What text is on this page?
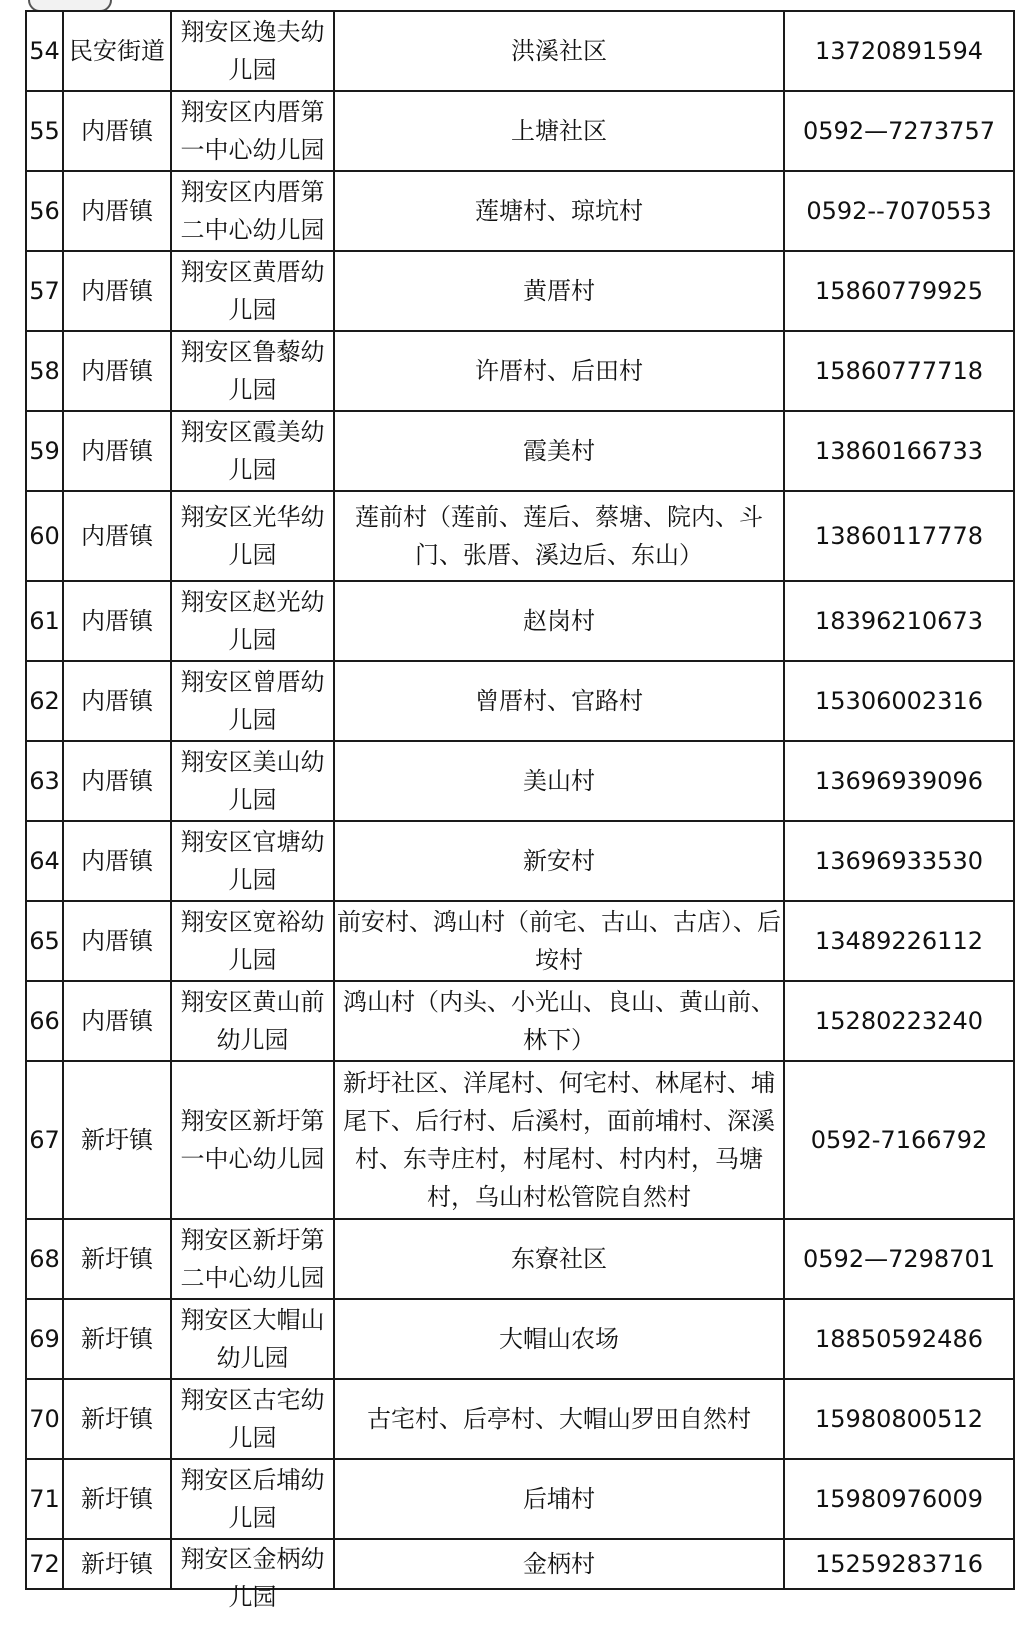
54	民安街道	翔安区逸夫幼儿园	洪溪社区	13720891594
55	内厝镇	翔安区内厝第一中心幼儿园	上塘社区	0592—7273757
56	内厝镇	翔安区内厝第二中心幼儿园	莲塘村、琼坑村	0592--7070553
57	内厝镇	翔安区黄厝幼儿园	黄厝村	15860779925
58	内厝镇	翔安区鲁藜幼儿园	许厝村、后田村	15860777718
59	内厝镇	翔安区霞美幼儿园	霞美村	13860166733
60	内厝镇	翔安区光华幼儿园	莲前村（莲前、莲后、蔡塘、院内、斗门、张厝、溪边后、东山）	13860117778
61	内厝镇	翔安区赵光幼儿园	赵岗村	18396210673
62	内厝镇	翔安区曾厝幼儿园	曾厝村、官路村	15306002316
63	内厝镇	翔安区美山幼儿园	美山村	13696939096
64	内厝镇	翔安区官塘幼儿园	新安村	13696933530
65	内厝镇	翔安区宽裕幼儿园	前安村、鸿山村（前宅、古山、古店）、后垵村	13489226112
66	内厝镇	翔安区黄山前幼儿园	鸿山村（内头、小光山、良山、黄山前、林下）	15280223240
67	新圩镇	翔安区新圩第一中心幼儿园	新圩社区、洋尾村、何宅村、林尾村、埔尾下、后行村、后溪村，面前埔村、深溪村、东寺庄村，村尾村、村内村，马塘村，乌山村松管院自然村	0592-7166792
68	新圩镇	翔安区新圩第二中心幼儿园	东寮社区	0592—7298701
69	新圩镇	翔安区大帽山幼儿园	大帽山农场	18850592486
70	新圩镇	翔安区古宅幼儿园	古宅村、后亭村、大帽山罗田自然村	15980800512
71	新圩镇	翔安区后埔幼儿园	后埔村	15980976009
72	新圩镇	翔安区金柄幼儿园	金柄村	15259283716
